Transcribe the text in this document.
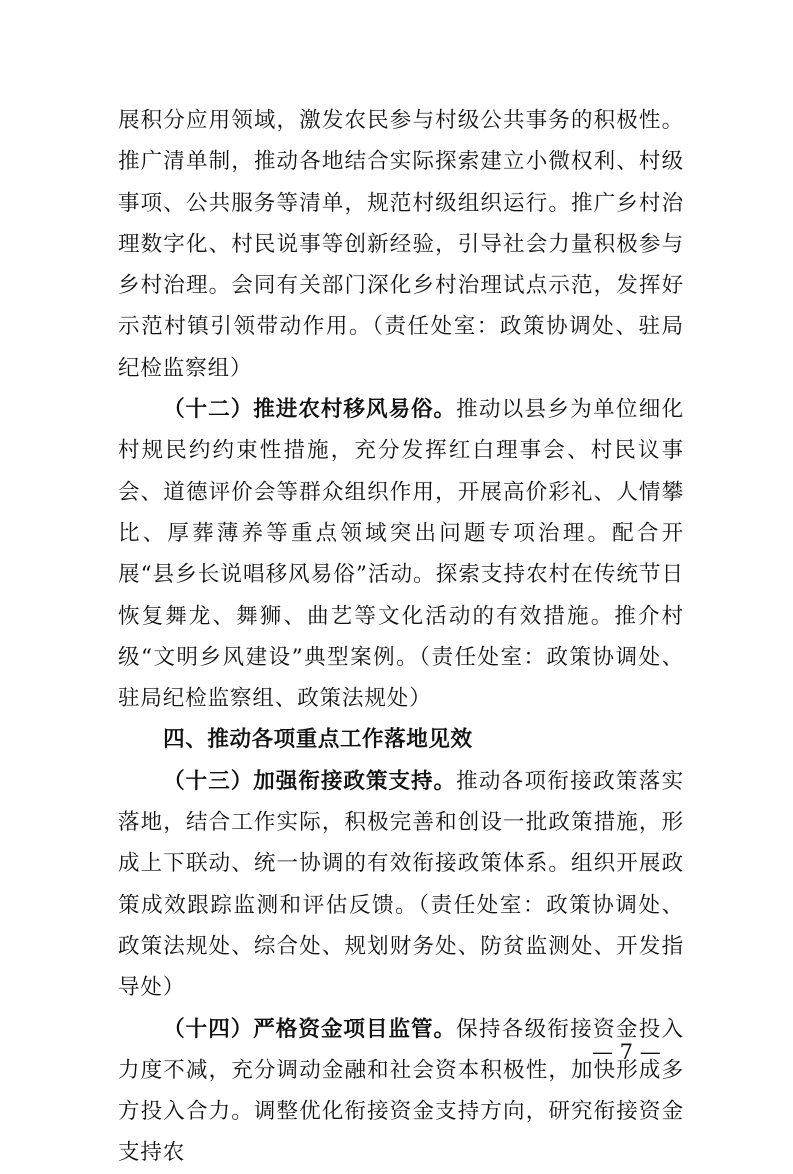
展积分应用领域，激发农民参与村级公共事务的积极性。推广清单制，推动各地结合实际探索建立小微权利、村级事项、公共服务等清单，规范村级组织运行。推广乡村治理数字化、村民说事等创新经验，引导社会力量积极参与乡村治理。会同有关部门深化乡村治理试点示范，发挥好示范村镇引领带动作用。（责任处室：政策协调处、驻局纪检监察组）

（十二）推进农村移风易俗。推动以县乡为单位细化村规民约约束性措施，充分发挥红白理事会、村民议事会、道德评价会等群众组织作用，开展高价彩礼、人情攀比、厚葬薄养等重点领域突出问题专项治理。配合开展“县乡长说唱移风易俗”活动。探索支持农村在传统节日恢复舞龙、舞狮、曲艺等文化活动的有效措施。推介村级“文明乡风建设”典型案例。（责任处室：政策协调处、驻局纪检监察组、政策法规处）

四、推动各项重点工作落地见效

（十三）加强衔接政策支持。推动各项衔接政策落实落地，结合工作实际，积极完善和创设一批政策措施，形成上下联动、统一协调的有效衔接政策体系。组织开展政策成效跟踪监测和评估反馈。（责任处室：政策协调处、政策法规处、综合处、规划财务处、防贫监测处、开发指导处）

（十四）严格资金项目监管。保持各级衔接资金投入力度不减，充分调动金融和社会资本积极性，加快形成多方投入合力。调整优化衔接资金支持方向，研究衔接资金支持农

— 7 —
